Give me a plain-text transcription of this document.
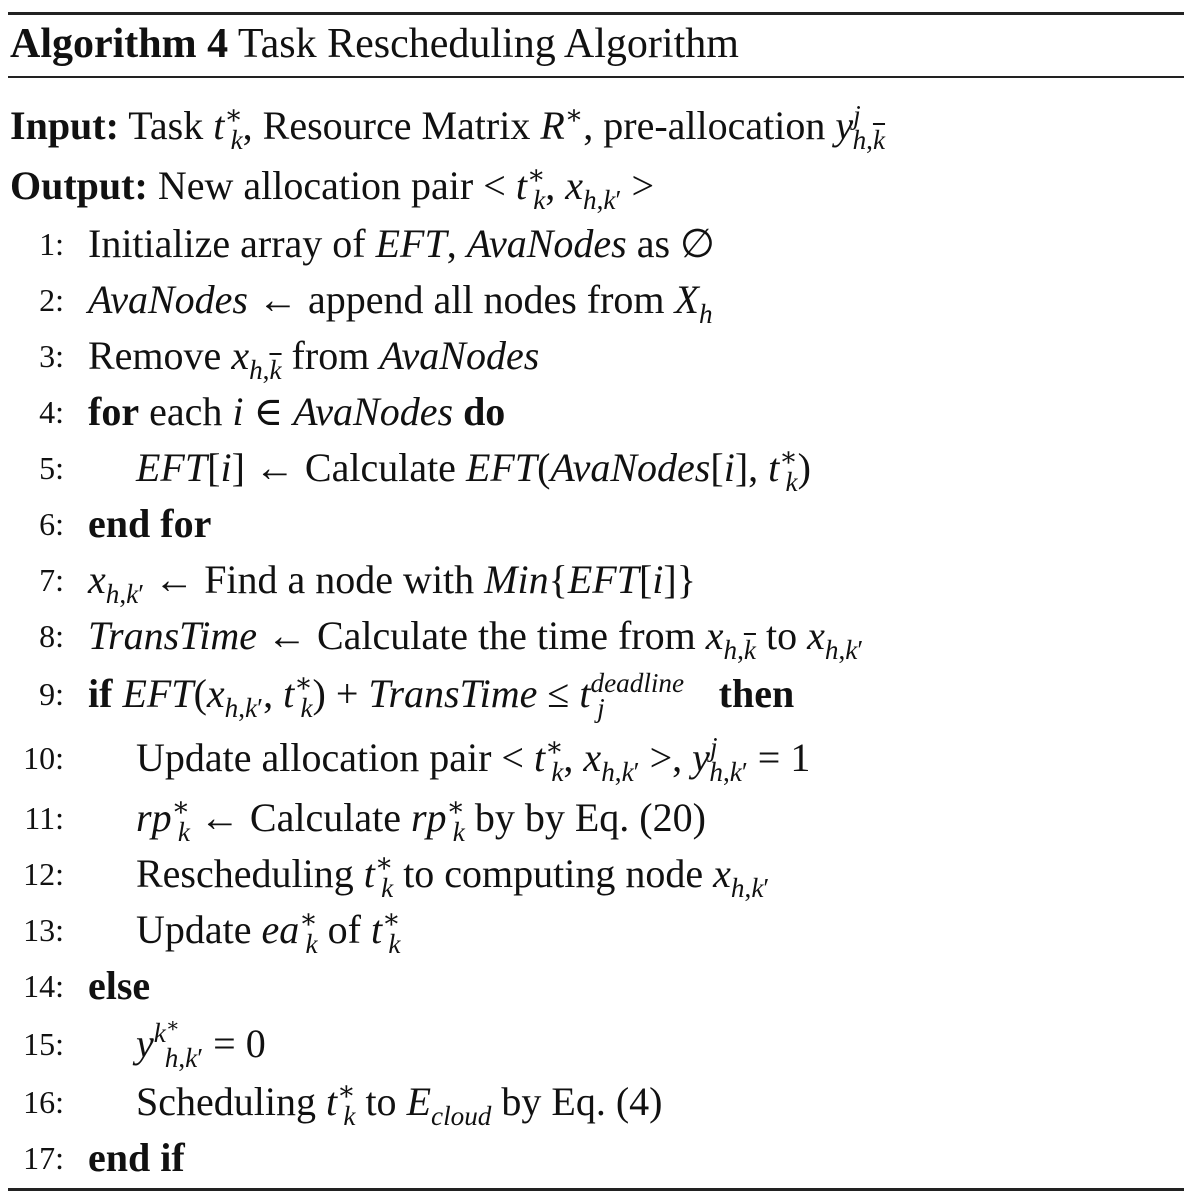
Algorithm 4 Task Rescheduling Algorithm
Input: Task $t^∗_k$, Resource Matrix R∗, pre-allocation $y^j_{h,\overline{k}}$
Output: New allocation pair < $t^∗_k$, $x_{h,k'}$ >
1: Initialize array of EFT, AvaNodes as ∅
2: AvaNodes ← append all nodes from $X_h$
3: Remove $x_{h,\overline{k}}$ from AvaNodes
4: for each i ∈ AvaNodes do
5: EFT[i] ← Calculate EFT(AvaNodes[i], $t^∗_k$)
6: end for
7: $x_{h,k'}$ ← Find a node with Min{EFT[i]}
8: TransTime ← Calculate the time from $x_{h,\overline{k}}$ to $x_{h,k'}$
9: if $EFT(x_{h,k'}$, $t^∗_k$) + TransTime ≤ $t^{deadline}_j$	then
10: Update allocation pair < $t^∗_k$, $x_{h,k'}$ >, $y^j_{h,k'} = 1$
11: $rp^∗_k$ ← Calculate $rp^∗_k$ by by Eq. (20)
12: Rescheduling $t^∗_k$ to computing node $x_{h,k'}$
13: Update $ea^∗_k$ of $t^∗_k$
14: else
15: $y^{k^∗}_{h,k'} = 0$
16: Scheduling $t^∗_k$ to $E_{cloud}$ by Eq. (4)
17: end if
